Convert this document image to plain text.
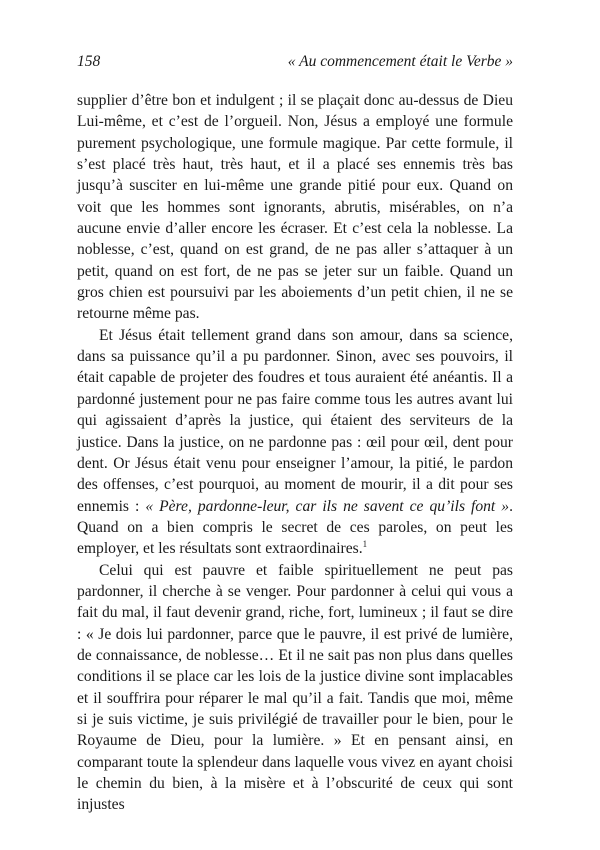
158	« Au commencement était le Verbe »

supplier d’être bon et indulgent ; il se plaçait donc au-dessus de Dieu Lui-même, et c’est de l’orgueil. Non, Jésus a employé une formule purement psychologique, une formule magique. Par cette formule, il s’est placé très haut, très haut, et il a placé ses ennemis très bas jusqu’à susciter en lui-même une grande pitié pour eux. Quand on voit que les hommes sont ignorants, abrutis, misérables, on n’a aucune envie d’aller encore les écraser. Et c’est cela la noblesse. La noblesse, c’est, quand on est grand, de ne pas aller s’attaquer à un petit, quand on est fort, de ne pas se jeter sur un faible. Quand un gros chien est poursuivi par les aboiements d’un petit chien, il ne se retourne même pas.

Et Jésus était tellement grand dans son amour, dans sa science, dans sa puissance qu’il a pu pardonner. Sinon, avec ses pouvoirs, il était capable de projeter des foudres et tous auraient été anéantis. Il a pardonné justement pour ne pas faire comme tous les autres avant lui qui agissaient d’après la justice, qui étaient des serviteurs de la justice. Dans la justice, on ne pardonne pas : œil pour œil, dent pour dent. Or Jésus était venu pour enseigner l’amour, la pitié, le pardon des offenses, c’est pourquoi, au moment de mourir, il a dit pour ses ennemis : « Père, pardonne-leur, car ils ne savent ce qu’ils font ». Quand on a bien compris le secret de ces paroles, on peut les employer, et les résultats sont extraordinaires.$^1$

Celui qui est pauvre et faible spirituellement ne peut pas pardonner, il cherche à se venger. Pour pardonner à celui qui vous a fait du mal, il faut devenir grand, riche, fort, lumineux ; il faut se dire : « Je dois lui pardonner, parce que le pauvre, il est privé de lumière, de connaissance, de noblesse… Et il ne sait pas non plus dans quelles conditions il se place car les lois de la justice divine sont implacables et il souffrira pour réparer le mal qu’il a fait. Tandis que moi, même si je suis victime, je suis privilégié de travailler pour le bien, pour le Royaume de Dieu, pour la lumière. » Et en pensant ainsi, en comparant toute la splendeur dans laquelle vous vivez en ayant choisi le chemin du bien, à la misère et à l’obscurité de ceux qui sont injustes
